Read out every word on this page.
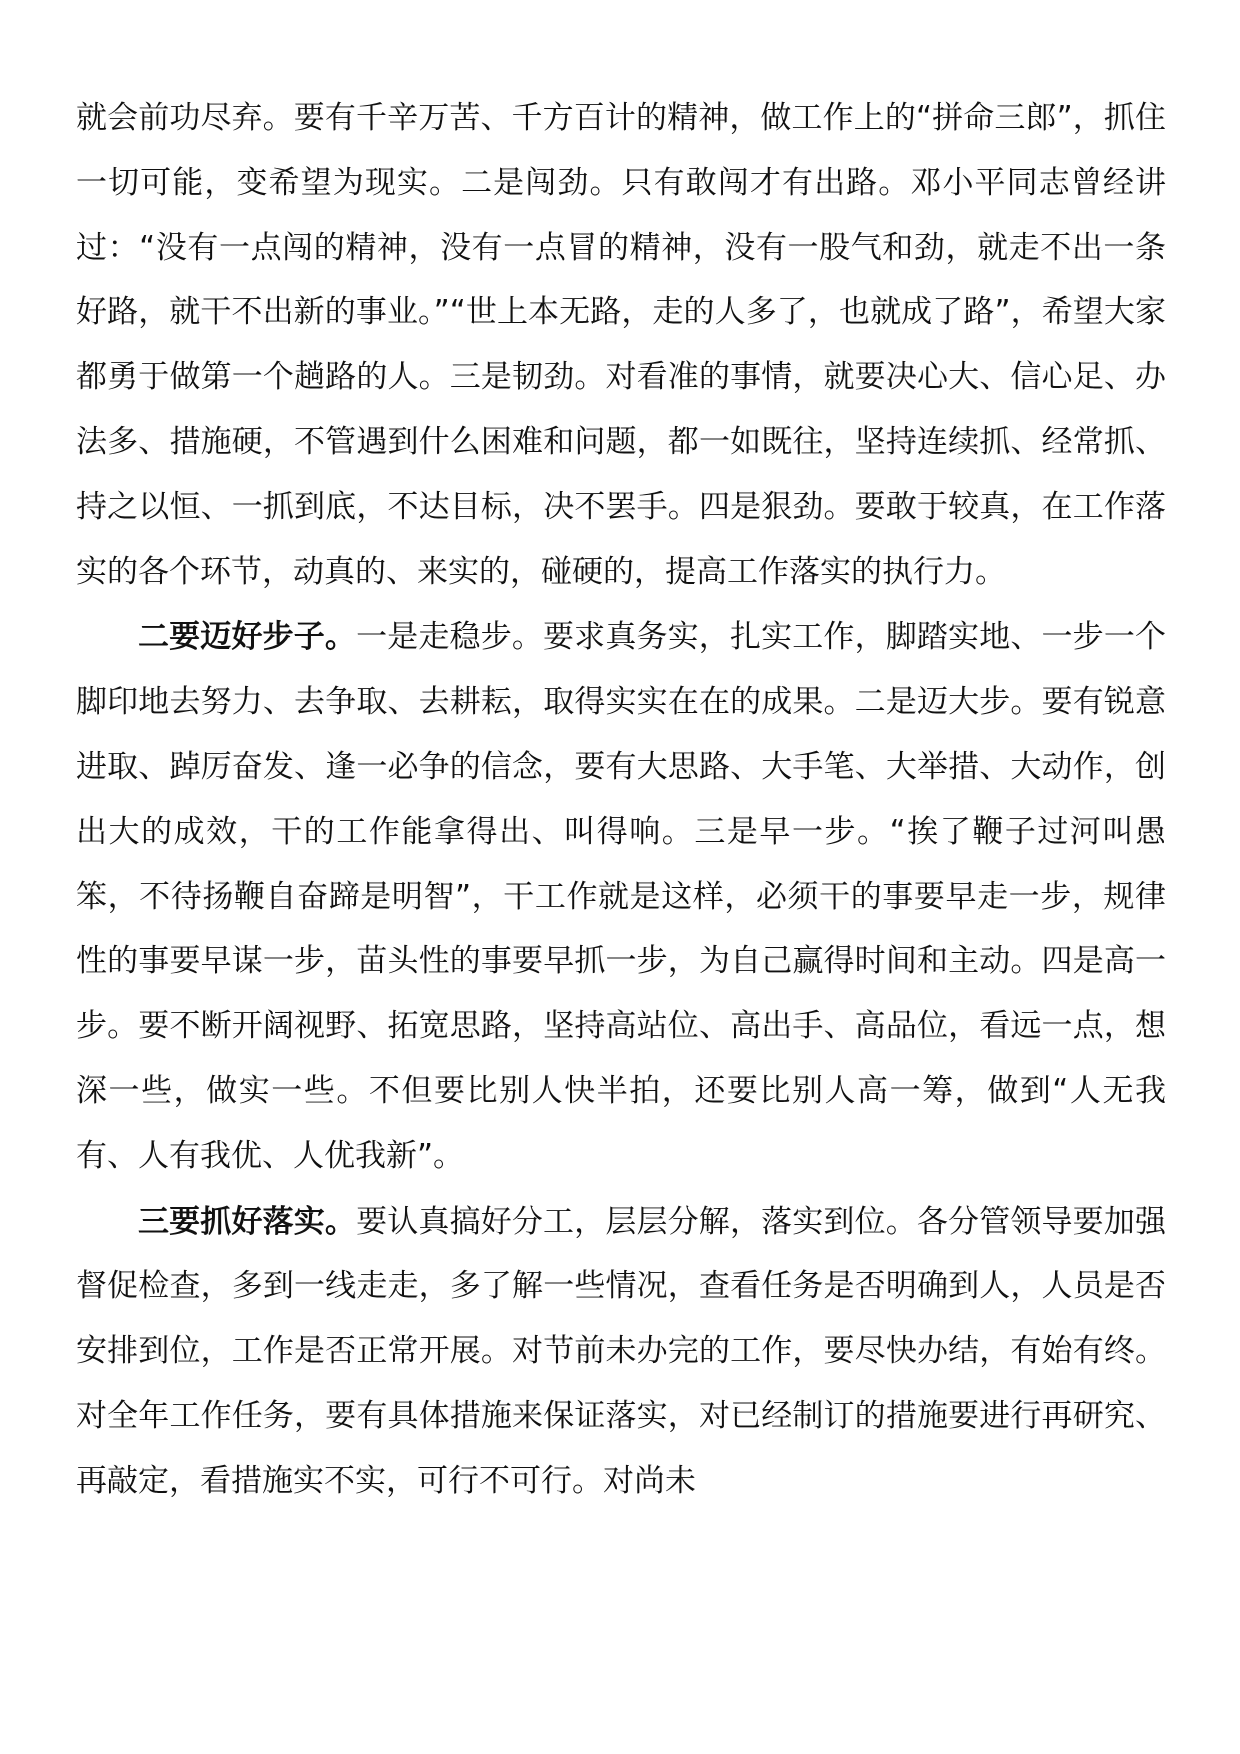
就会前功尽弃。要有千辛万苦、千方百计的精神，做工作上的“拼命三郎”，抓住一切可能，变希望为现实。二是闯劲。只有敢闯才有出路。邓小平同志曾经讲过：“没有一点闯的精神，没有一点冒的精神，没有一股气和劲，就走不出一条好路，就干不出新的事业。”“世上本无路，走的人多了，也就成了路”，希望大家都勇于做第一个趟路的人。三是韧劲。对看准的事情，就要决心大、信心足、办法多、措施硬，不管遇到什么困难和问题，都一如既往，坚持连续抓、经常抓、持之以恒、一抓到底，不达目标，决不罢手。四是狠劲。要敢于较真，在工作落实的各个环节，动真的、来实的，碰硬的，提高工作落实的执行力。

二要迈好步子。一是走稳步。要求真务实，扎实工作，脚踏实地、一步一个脚印地去努力、去争取、去耕耘，取得实实在在的成果。二是迈大步。要有锐意进取、踔厉奋发、逢一必争的信念，要有大思路、大手笔、大举措、大动作，创出大的成效，干的工作能拿得出、叫得响。三是早一步。“挨了鞭子过河叫愚笨，不待扬鞭自奋蹄是明智”，干工作就是这样，必须干的事要早走一步，规律性的事要早谋一步，苗头性的事要早抓一步，为自己赢得时间和主动。四是高一步。要不断开阔视野、拓宽思路，坚持高站位、高出手、高品位，看远一点，想深一些，做实一些。不但要比别人快半拍，还要比别人高一筹，做到“人无我有、人有我优、人优我新”。

三要抓好落实。要认真搞好分工，层层分解，落实到位。各分管领导要加强督促检查，多到一线走走，多了解一些情况，查看任务是否明确到人，人员是否安排到位，工作是否正常开展。对节前未办完的工作，要尽快办结，有始有终。对全年工作任务，要有具体措施来保证落实，对已经制订的措施要进行再研究、再敲定，看措施实不实，可行不可行。对尚未
